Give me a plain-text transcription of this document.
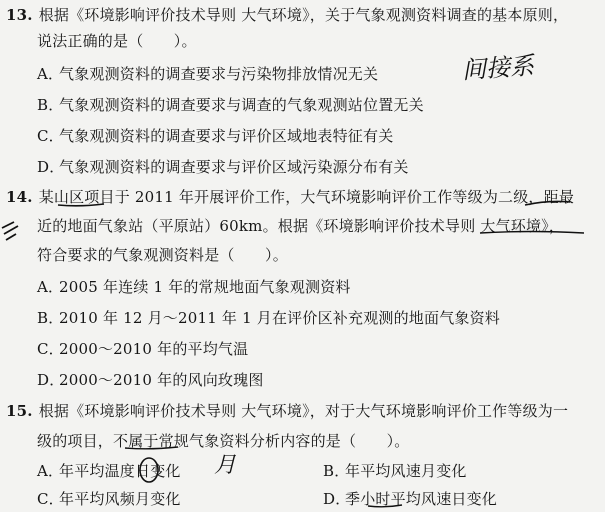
13. 根据《环境影响评价技术导则 大气环境》，关于气象观测资料调查的基本原则，
说法正确的是（　　）。
A．气象观测资料的调查要求与污染物排放情况无关
B．气象观测资料的调查要求与调查的气象观测站位置无关
C．气象观测资料的调查要求与评价区域地表特征有关
D．气象观测资料的调查要求与评价区域污染源分布有关
14. 某山区项目于 2011 年开展评价工作，大气环境影响评价工作等级为二级，距最
近的地面气象站（平原站）60km。根据《环境影响评价技术导则 大气环境》，
符合要求的气象观测资料是（　　）。
A．2005 年连续 1 年的常规地面气象观测资料
B．2010 年 12 月～2011 年 1 月在评价区补充观测的地面气象资料
C．2000～2010 年的平均气温
D．2000～2010 年的风向玫瑰图
15. 根据《环境影响评价技术导则 大气环境》，对于大气环境影响评价工作等级为一
级的项目，不属于常规气象资料分析内容的是（　　）。
A．年平均温度日变化	B．年平均风速月变化
C．年平均风频月变化	D．季小时平均风速日变化
间接系
月
